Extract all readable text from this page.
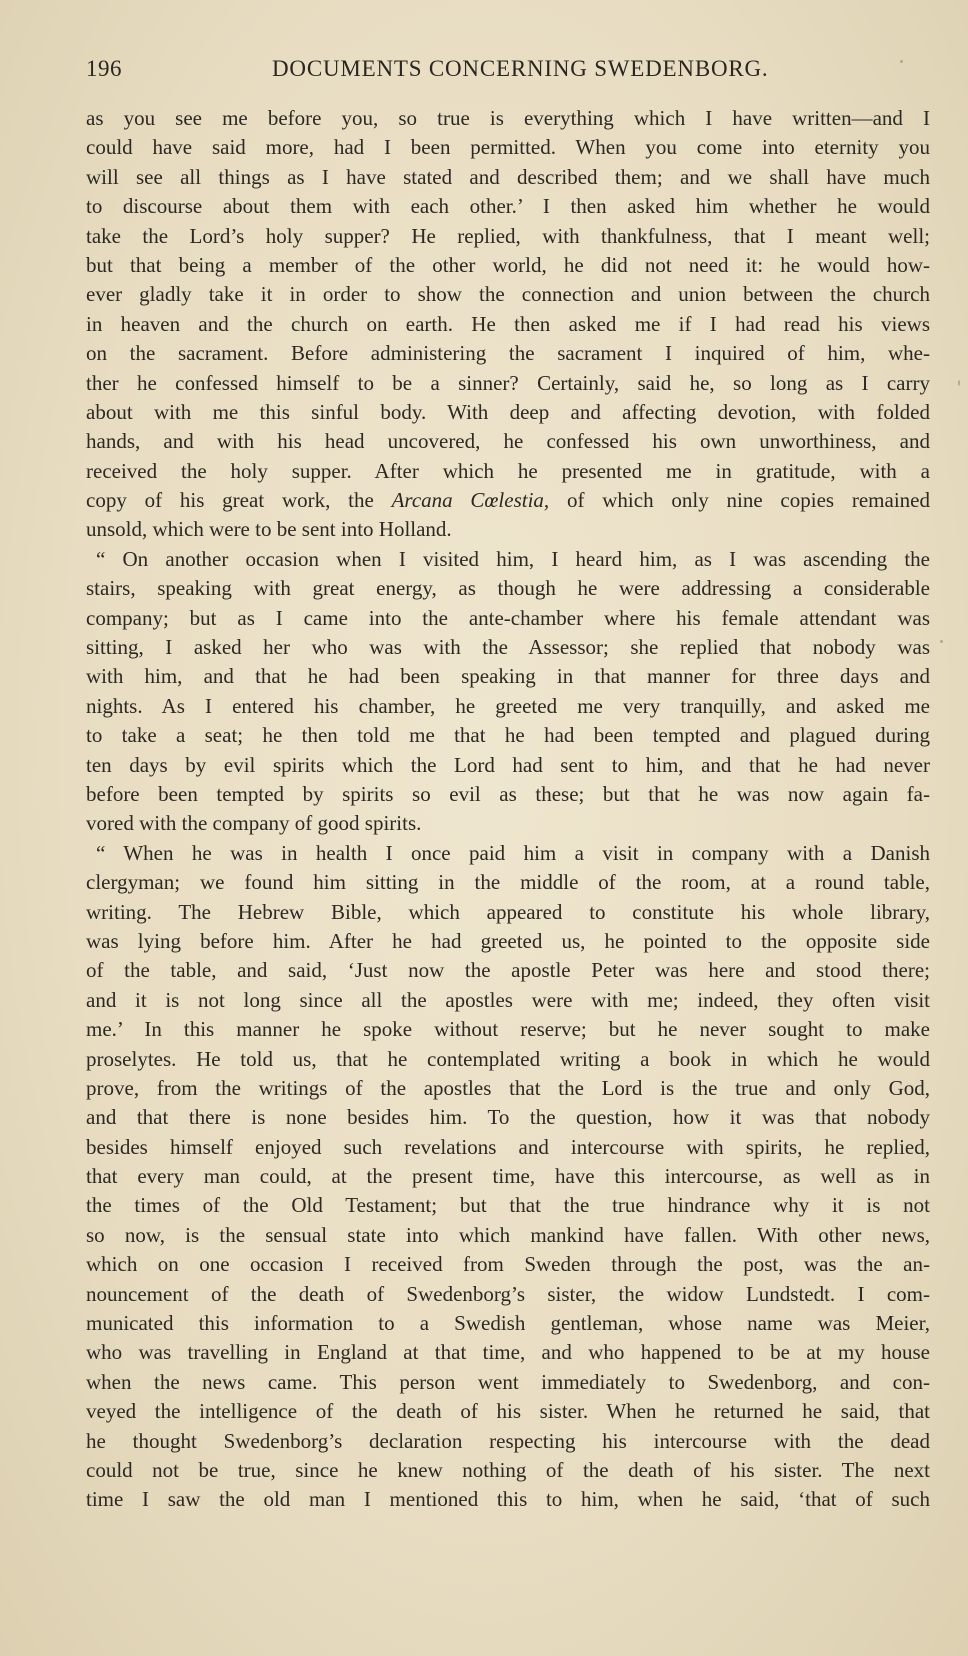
196	DOCUMENTS CONCERNING SWEDENBORG.
as you see me before you, so true is everything which I have written—and I
could have said more, had I been permitted. When you come into eternity you
will see all things as I have stated and described them; and we shall have much
to discourse about them with each other.’ I then asked him whether he would
take the Lord’s holy supper? He replied, with thankfulness, that I meant well;
but that being a member of the other world, he did not need it: he would how-
ever gladly take it in order to show the connection and union between the church
in heaven and the church on earth. He then asked me if I had read his views
on the sacrament. Before administering the sacrament I inquired of him, whe-
ther he confessed himself to be a sinner? Certainly, said he, so long as I carry
about with me this sinful body. With deep and affecting devotion, with folded
hands, and with his head uncovered, he confessed his own unworthiness, and
received the holy supper. After which he presented me in gratitude, with a
copy of his great work, the Arcana Cœlestia, of which only nine copies remained
unsold, which were to be sent into Holland.
“ On another occasion when I visited him, I heard him, as I was ascending the
stairs, speaking with great energy, as though he were addressing a considerable
company; but as I came into the ante-chamber where his female attendant was
sitting, I asked her who was with the Assessor; she replied that nobody was
with him, and that he had been speaking in that manner for three days and
nights. As I entered his chamber, he greeted me very tranquilly, and asked me
to take a seat; he then told me that he had been tempted and plagued during
ten days by evil spirits which the Lord had sent to him, and that he had never
before been tempted by spirits so evil as these; but that he was now again fa-
vored with the company of good spirits.
“ When he was in health I once paid him a visit in company with a Danish
clergyman; we found him sitting in the middle of the room, at a round table,
writing. The Hebrew Bible, which appeared to constitute his whole library,
was lying before him. After he had greeted us, he pointed to the opposite side
of the table, and said, ‘Just now the apostle Peter was here and stood there;
and it is not long since all the apostles were with me; indeed, they often visit
me.’ In this manner he spoke without reserve; but he never sought to make
proselytes. He told us, that he contemplated writing a book in which he would
prove, from the writings of the apostles that the Lord is the true and only God,
and that there is none besides him. To the question, how it was that nobody
besides himself enjoyed such revelations and intercourse with spirits, he replied,
that every man could, at the present time, have this intercourse, as well as in
the times of the Old Testament; but that the true hindrance why it is not
so now, is the sensual state into which mankind have fallen. With other news,
which on one occasion I received from Sweden through the post, was the an-
nouncement of the death of Swedenborg’s sister, the widow Lundstedt. I com-
municated this information to a Swedish gentleman, whose name was Meier,
who was travelling in England at that time, and who happened to be at my house
when the news came. This person went immediately to Swedenborg, and con-
veyed the intelligence of the death of his sister. When he returned he said, that
he thought Swedenborg’s declaration respecting his intercourse with the dead
could not be true, since he knew nothing of the death of his sister. The next
time I saw the old man I mentioned this to him, when he said, ‘that of such
